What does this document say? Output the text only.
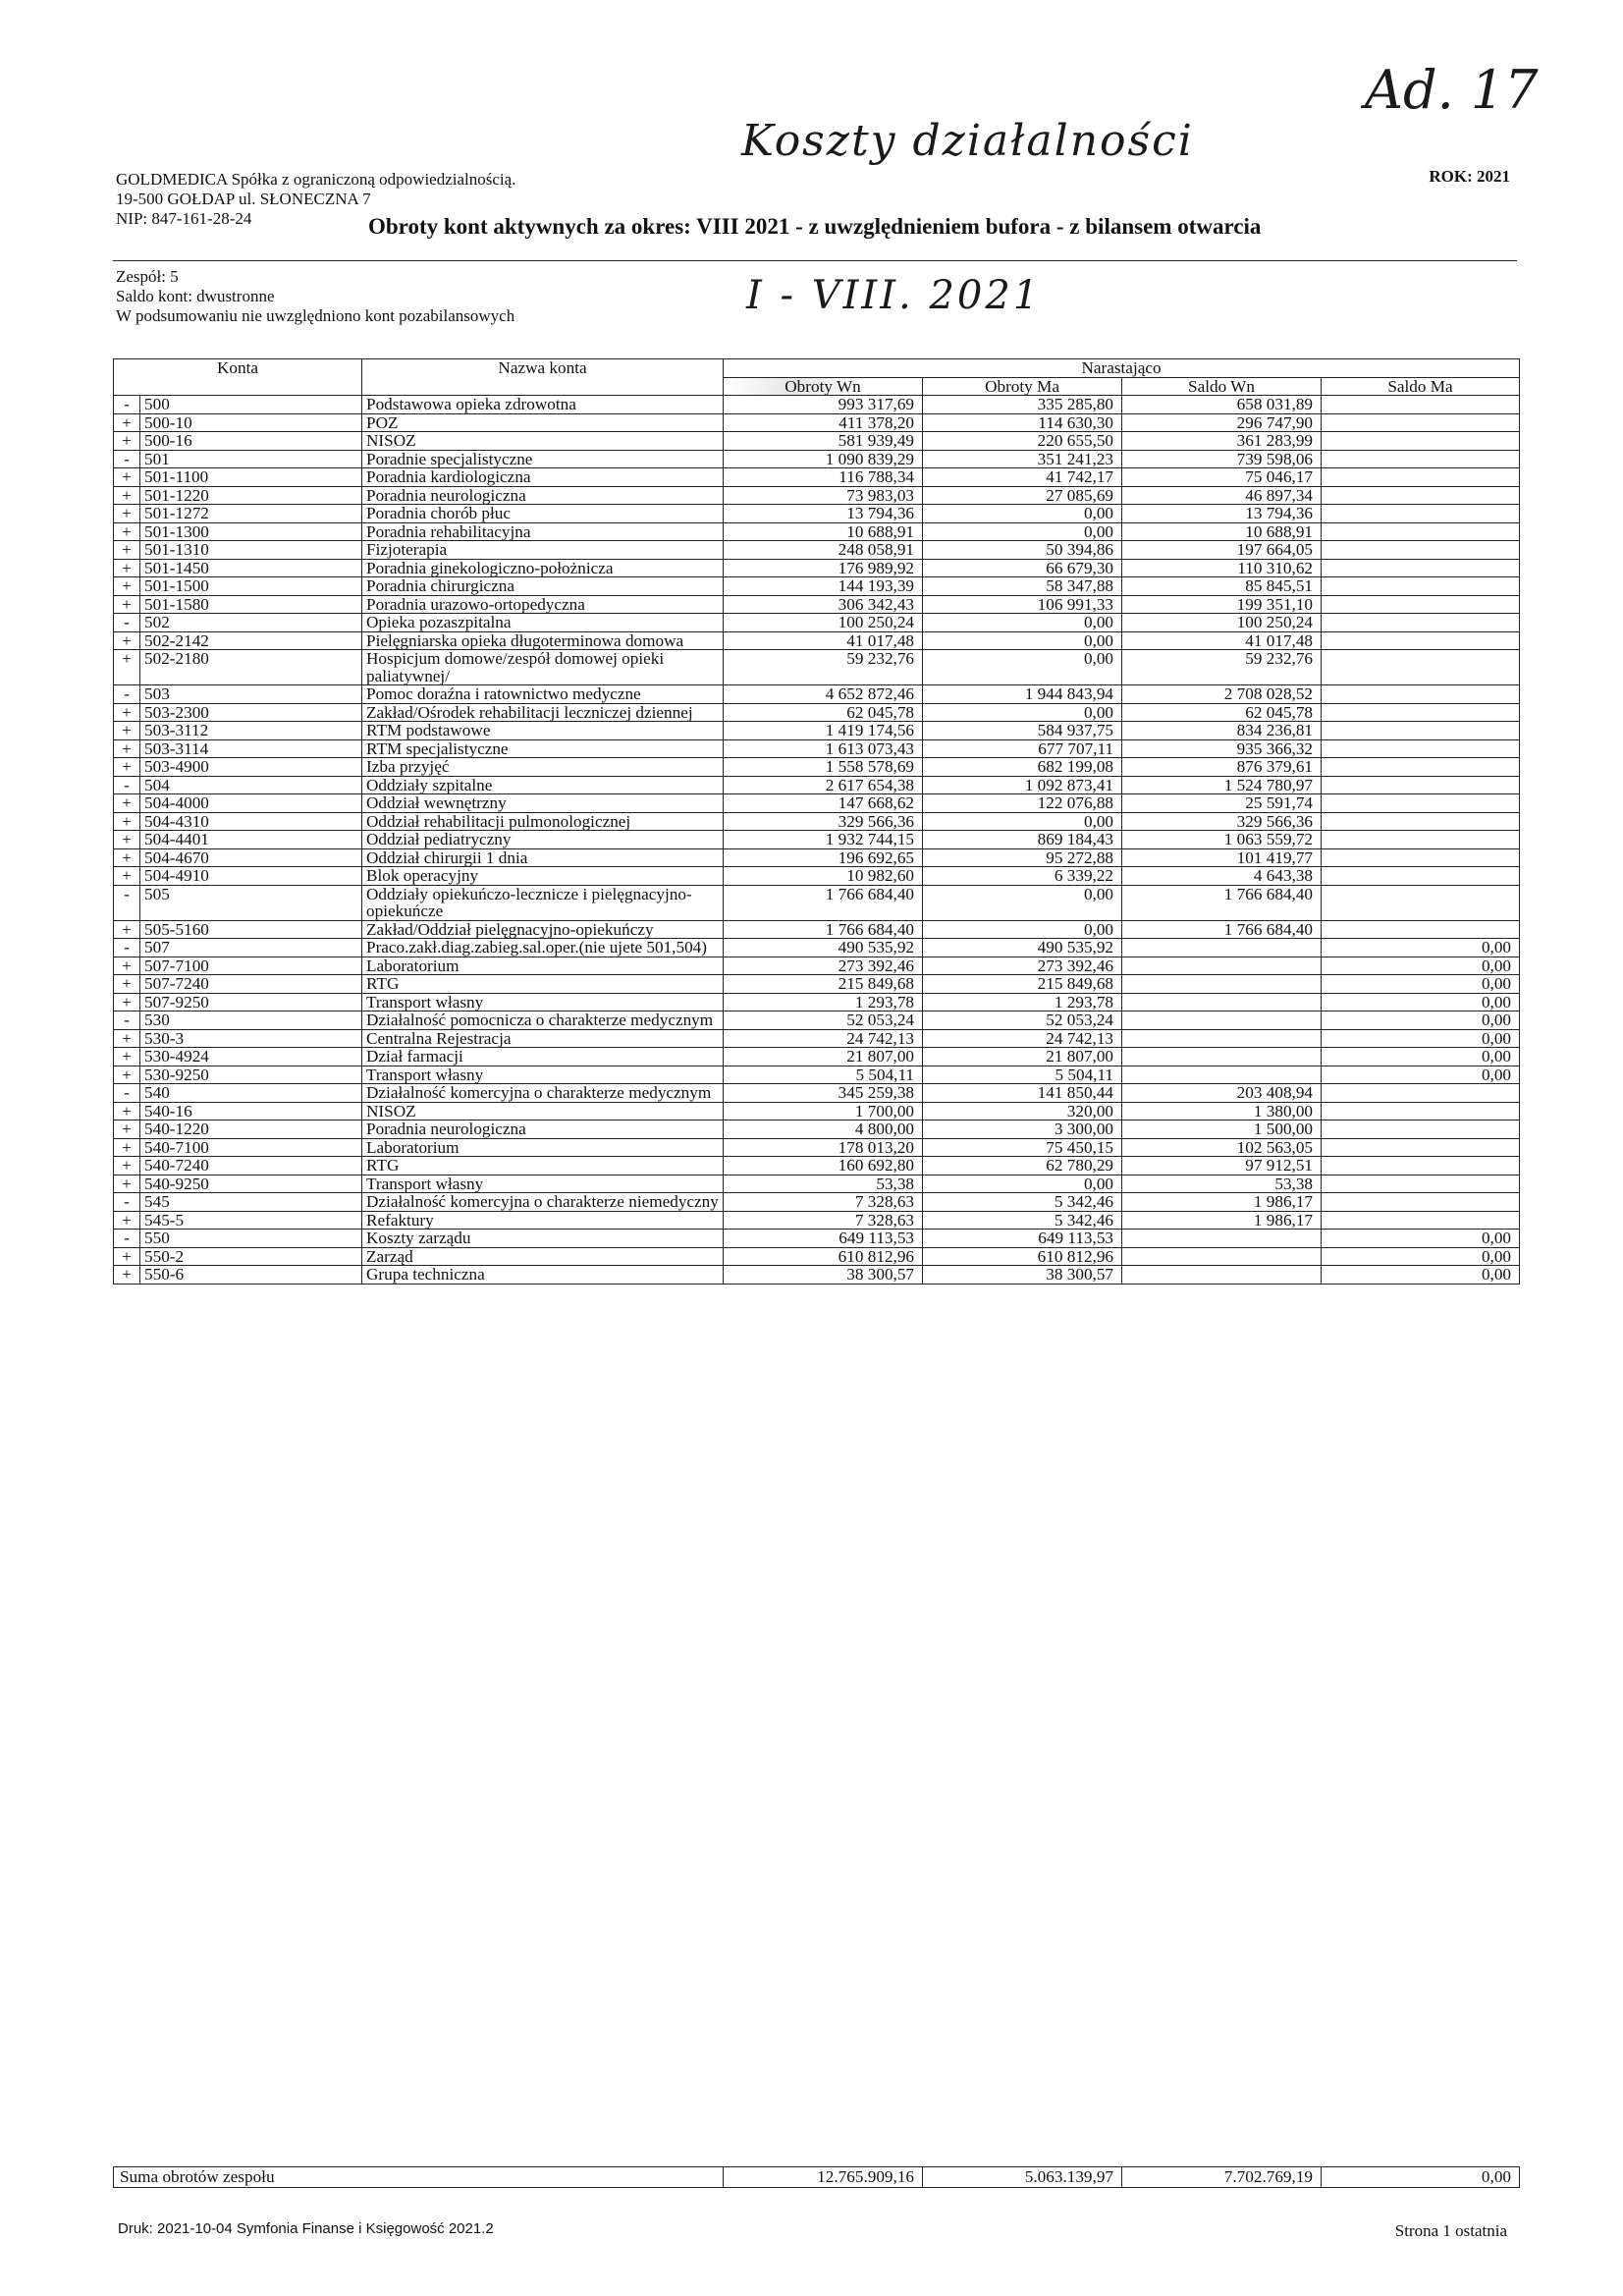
Ad. 17
Koszty działalności
I - VIII. 2021
GOLDMEDICA Spółka z ograniczoną odpowiedzialnością.
19-500 GOŁDAP ul. SŁONECZNA 7
NIP: 847-161-28-24
ROK: 2021
Obroty kont aktywnych za okres: VIII 2021 - z uwzględnieniem bufora - z bilansem otwarcia
Zespół: 5
Saldo kont: dwustronne
W podsumowaniu nie uwzględniono kont pozabilansowych
Konta		Nazwa konta	Narastająco			
			Obroty Wn	Obroty Ma	Saldo Wn	Saldo Ma
-	500	Podstawowa opieka zdrowotna	993 317,69	335 285,80	658 031,89	
+	500-10	POZ	411 378,20	114 630,30	296 747,90	
+	500-16	NISOZ	581 939,49	220 655,50	361 283,99	
-	501	Poradnie specjalistyczne	1 090 839,29	351 241,23	739 598,06	
+	501-1100	Poradnia kardiologiczna	116 788,34	41 742,17	75 046,17	
+	501-1220	Poradnia neurologiczna	73 983,03	27 085,69	46 897,34	
+	501-1272	Poradnia chorób płuc	13 794,36	0,00	13 794,36	
+	501-1300	Poradnia rehabilitacyjna	10 688,91	0,00	10 688,91	
+	501-1310	Fizjoterapia	248 058,91	50 394,86	197 664,05	
+	501-1450	Poradnia ginekologiczno-położnicza	176 989,92	66 679,30	110 310,62	
+	501-1500	Poradnia chirurgiczna	144 193,39	58 347,88	85 845,51	
+	501-1580	Poradnia urazowo-ortopedyczna	306 342,43	106 991,33	199 351,10	
-	502	Opieka pozaszpitalna	100 250,24	0,00	100 250,24	
+	502-2142	Pielęgniarska opieka długoterminowa domowa	41 017,48	0,00	41 017,48	
+	502-2180	Hospicjum domowe/zespół domowej opieki paliatywnej/	59 232,76	0,00	59 232,76	
-	503	Pomoc doraźna i ratownictwo medyczne	4 652 872,46	1 944 843,94	2 708 028,52	
+	503-2300	Zakład/Ośrodek rehabilitacji leczniczej dziennej	62 045,78	0,00	62 045,78	
+	503-3112	RTM podstawowe	1 419 174,56	584 937,75	834 236,81	
+	503-3114	RTM specjalistyczne	1 613 073,43	677 707,11	935 366,32	
+	503-4900	Izba przyjęć	1 558 578,69	682 199,08	876 379,61	
-	504	Oddziały szpitalne	2 617 654,38	1 092 873,41	1 524 780,97	
+	504-4000	Oddział wewnętrzny	147 668,62	122 076,88	25 591,74	
+	504-4310	Oddział rehabilitacji pulmonologicznej	329 566,36	0,00	329 566,36	
+	504-4401	Oddział pediatryczny	1 932 744,15	869 184,43	1 063 559,72	
+	504-4670	Oddział chirurgii 1 dnia	196 692,65	95 272,88	101 419,77	
+	504-4910	Blok operacyjny	10 982,60	6 339,22	4 643,38	
-	505	Oddziały opiekuńczo-lecznicze i pielęgnacyjno-opiekuńcze	1 766 684,40	0,00	1 766 684,40	
+	505-5160	Zakład/Oddział pielęgnacyjno-opiekuńczy	1 766 684,40	0,00	1 766 684,40	
-	507	Praco.zakł.diag.zabieg.sal.oper.(nie ujete 501,504)	490 535,92	490 535,92		0,00
+	507-7100	Laboratorium	273 392,46	273 392,46		0,00
+	507-7240	RTG	215 849,68	215 849,68		0,00
+	507-9250	Transport własny	1 293,78	1 293,78		0,00
-	530	Działalność pomocnicza o charakterze medycznym	52 053,24	52 053,24		0,00
+	530-3	Centralna Rejestracja	24 742,13	24 742,13		0,00
+	530-4924	Dział farmacji	21 807,00	21 807,00		0,00
+	530-9250	Transport własny	5 504,11	5 504,11		0,00
-	540	Działalność komercyjna o charakterze medycznym	345 259,38	141 850,44	203 408,94	
+	540-16	NISOZ	1 700,00	320,00	1 380,00	
+	540-1220	Poradnia neurologiczna	4 800,00	3 300,00	1 500,00	
+	540-7100	Laboratorium	178 013,20	75 450,15	102 563,05	
+	540-7240	RTG	160 692,80	62 780,29	97 912,51	
+	540-9250	Transport własny	53,38	0,00	53,38	
-	545	Działalność komercyjna o charakterze niemedyczny	7 328,63	5 342,46	1 986,17	
+	545-5	Refaktury	7 328,63	5 342,46	1 986,17	
-	550	Koszty zarządu	649 113,53	649 113,53		0,00
+	550-2	Zarząd	610 812,96	610 812,96		0,00
+	550-6	Grupa techniczna	38 300,57	38 300,57		0,00
Suma obrotów zespołu	12.765.909,16	5.063.139,97	7.702.769,19	0,00
Druk: 2021-10-04 Symfonia Finanse i Księgowość 2021.2	Strona 1 ostatnia
